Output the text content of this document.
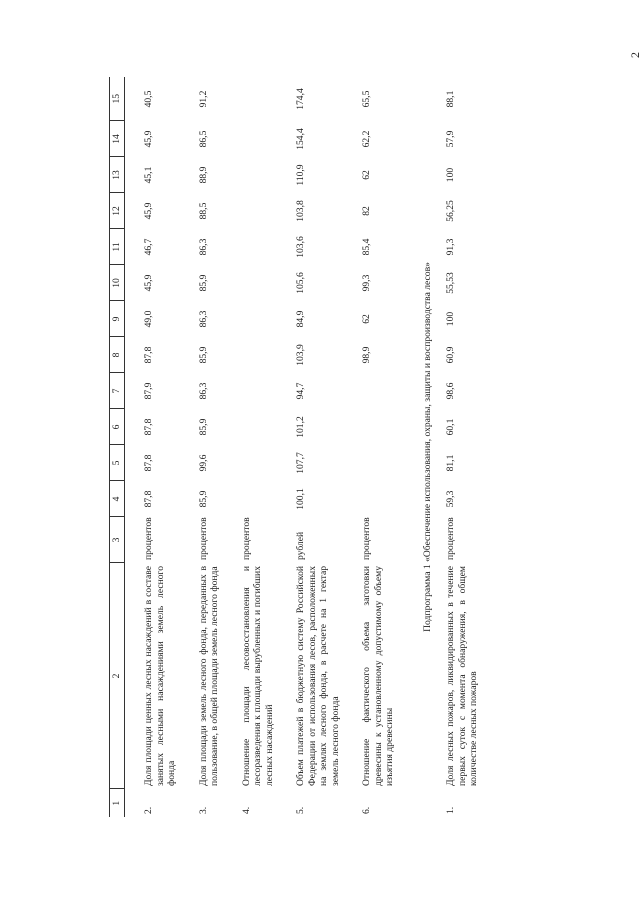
2
1	2	3	4	5	6	7	8	9	10	11	12	13	14	15

2.	Доля площади ценных лесных насаждений в составе занятых лесными насаждениями земель лесного фонда	процентов	87,8	87,8	87,8	87,9	87,8	49,0	45,9	46,7	45,9	45,1	45,9	40,5

3.	Доля площади земель лесного фонда, переданных в пользование, в общей площади земель лесного фонда	процентов	85,9	99,6	85,9	86,3	85,9	86,3	85,9	86,3	88,5	88,9	86,5	91,2

4.	Отношение площади лесовосстановления и лесоразведения к площади вырубленных и погибших лесных насаждений	процентов												

5.	Объем платежей в бюджетную систему Российской Федерации от использования лесов, расположенных на землях лесного фонда, в расчете на 1 гектар земель лесного фонда	рублей	100,1	107,7	101,2	94,7	103,9	84,9	105,6	103,6	103,8	110,9	154,4	174,4

6.	Отношение фактического объема заготовки древесины к установленному допустимому объему изъятия древесины	процентов					98,9	62	99,3	85,4	82	62	62,2	65,5

Подпрограмма 1 «Обеспечение использования, охраны, защиты и воспроизводства лесов»														
1.	Доля лесных пожаров, ликвидированных в течение первых суток с момента обнаружения, в общем количестве лесных пожаров	процентов	59,3	81,1	60,1	98,6	60,9	100	55,53	91,3	56,25	100	57,9	88,1
